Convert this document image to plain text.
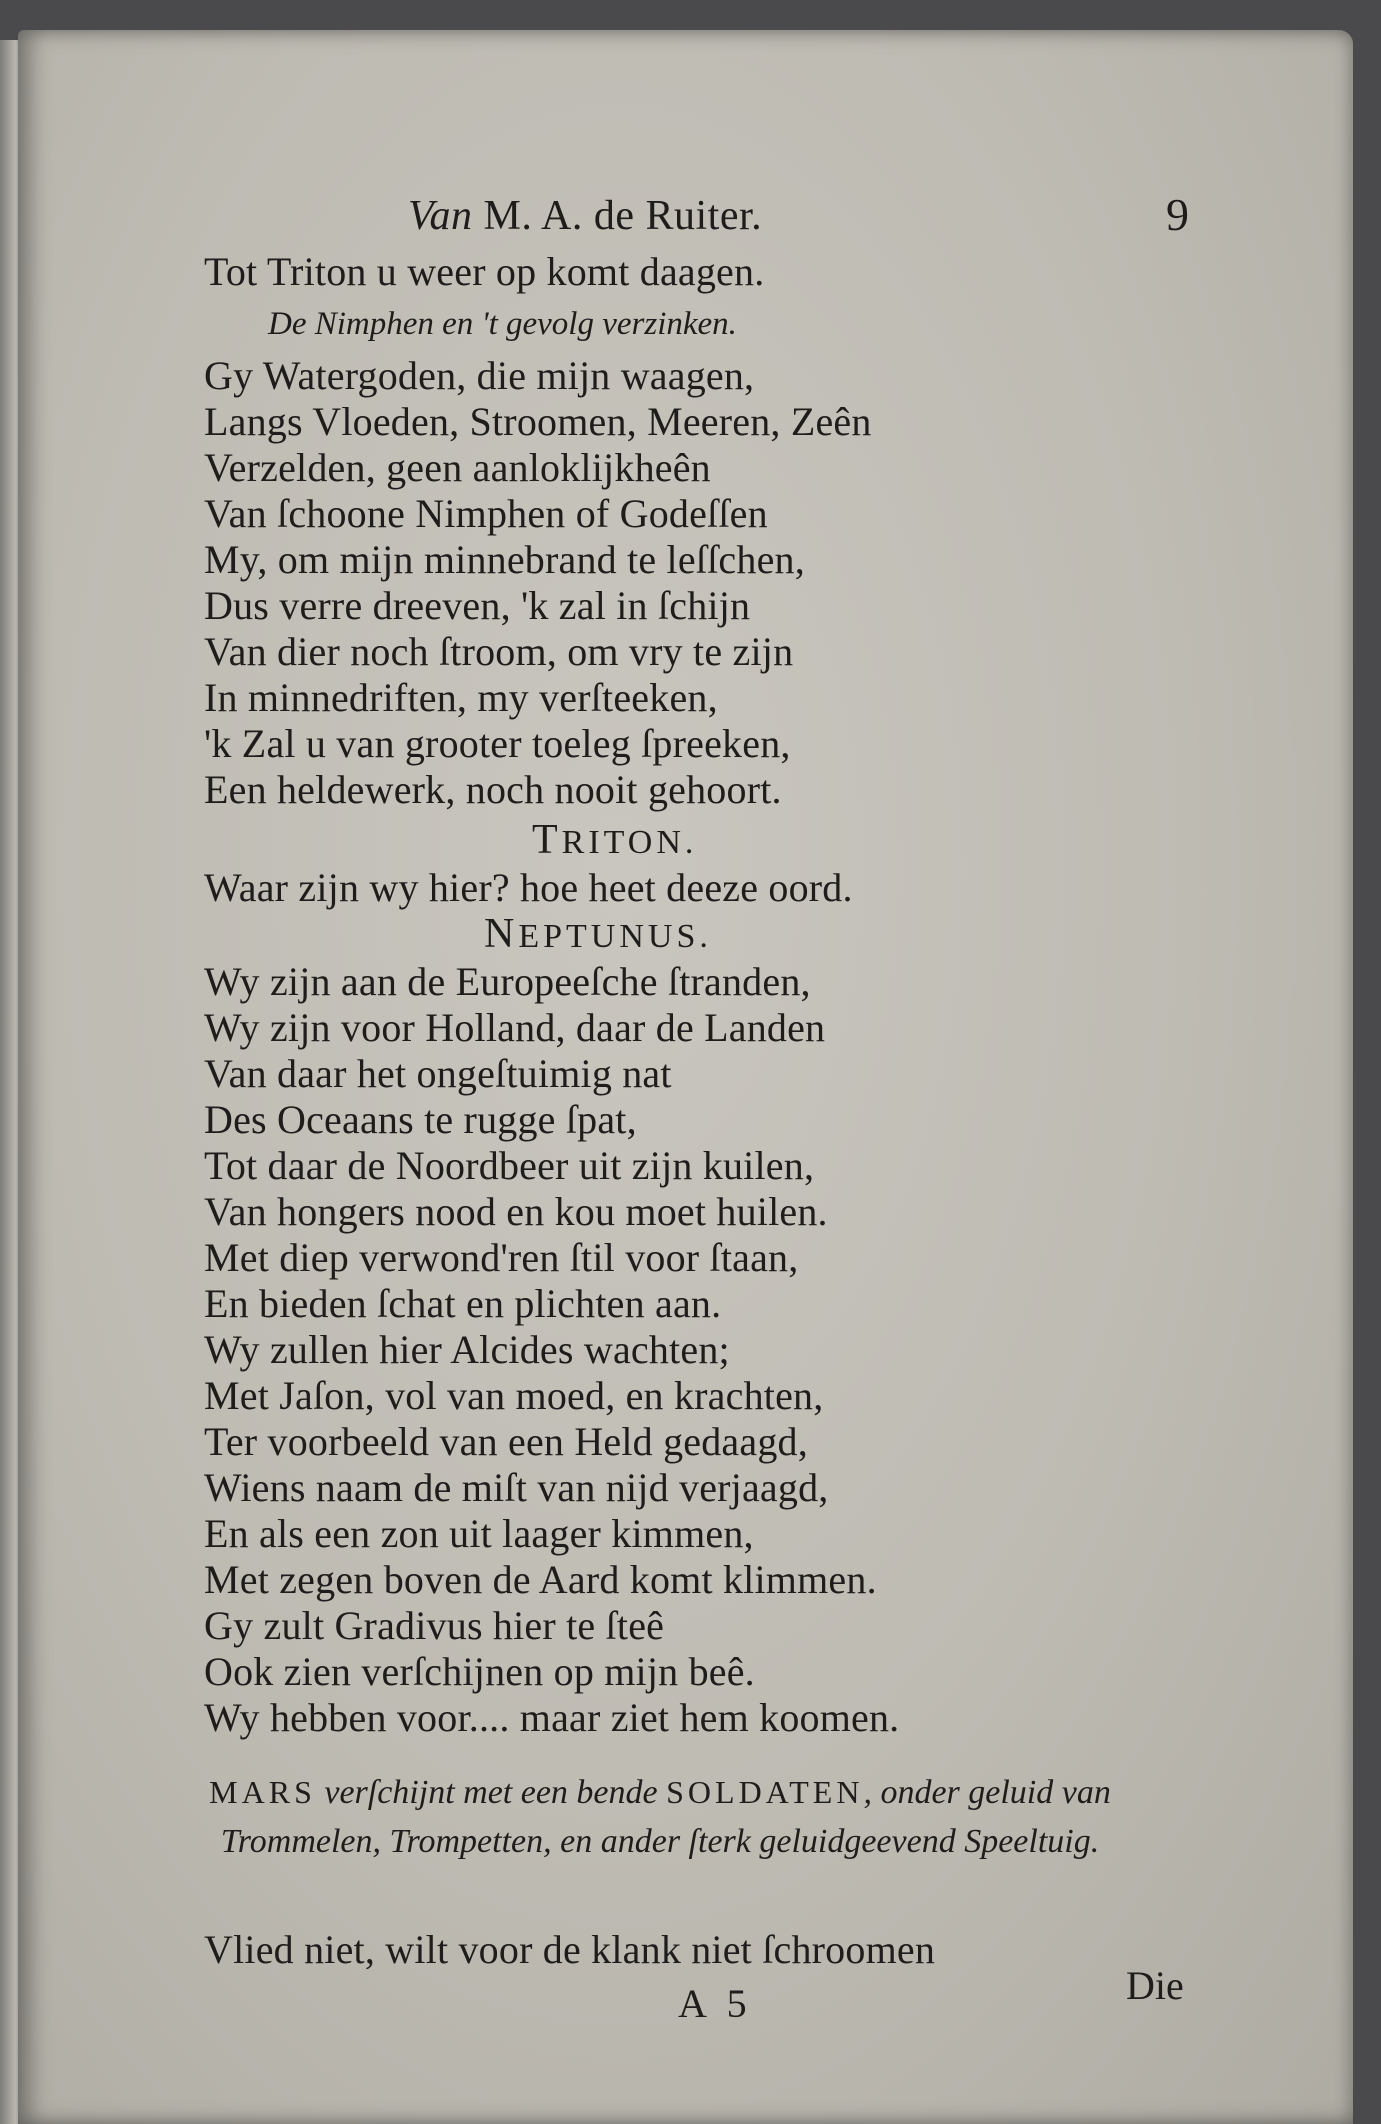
Van M. A. de Ruiter.	9
Tot Triton u weer op komt daagen.
De Nimphen en 't gevolg verzinken.
Gy Watergoden, die mijn waagen,
Langs Vloeden, Stroomen, Meeren, Zeên
Verzelden, geen aanloklijkheên
Van ſchoone Nimphen of Godeſſen
My, om mijn minnebrand te leſſchen,
Dus verre dreeven, 'k zal in ſchijn
Van dier noch ſtroom, om vry te zijn
In minnedriften, my verſteeken,
'k Zal u van grooter toeleg ſpreeken,
Een heldewerk, noch nooit gehoort.
TRITON.
Waar zijn wy hier? hoe heet deeze oord.
NEPTUNUS.
Wy zijn aan de Europeeſche ſtranden,
Wy zijn voor Holland, daar de Landen
Van daar het ongeſtuimig nat
Des Oceaans te rugge ſpat,
Tot daar de Noordbeer uit zijn kuilen,
Van hongers nood en kou moet huilen.
Met diep verwond'ren ſtil voor ſtaan,
En bieden ſchat en plichten aan.
Wy zullen hier Alcides wachten;
Met Jaſon, vol van moed, en krachten,
Ter voorbeeld van een Held gedaagd,
Wiens naam de miſt van nijd verjaagd,
En als een zon uit laager kimmen,
Met zegen boven de Aard komt klimmen.
Gy zult Gradivus hier te ſteê
Ook zien verſchijnen op mijn beê.
Wy hebben voor.... maar ziet hem koomen.
MARS verſchijnt met een bende SOLDATEN, onder geluid van Trommelen, Trompetten, en ander ſterk geluidgeevend Speeltuig.
Vlied niet, wilt voor de klank niet ſchroomen
Die
A 5
